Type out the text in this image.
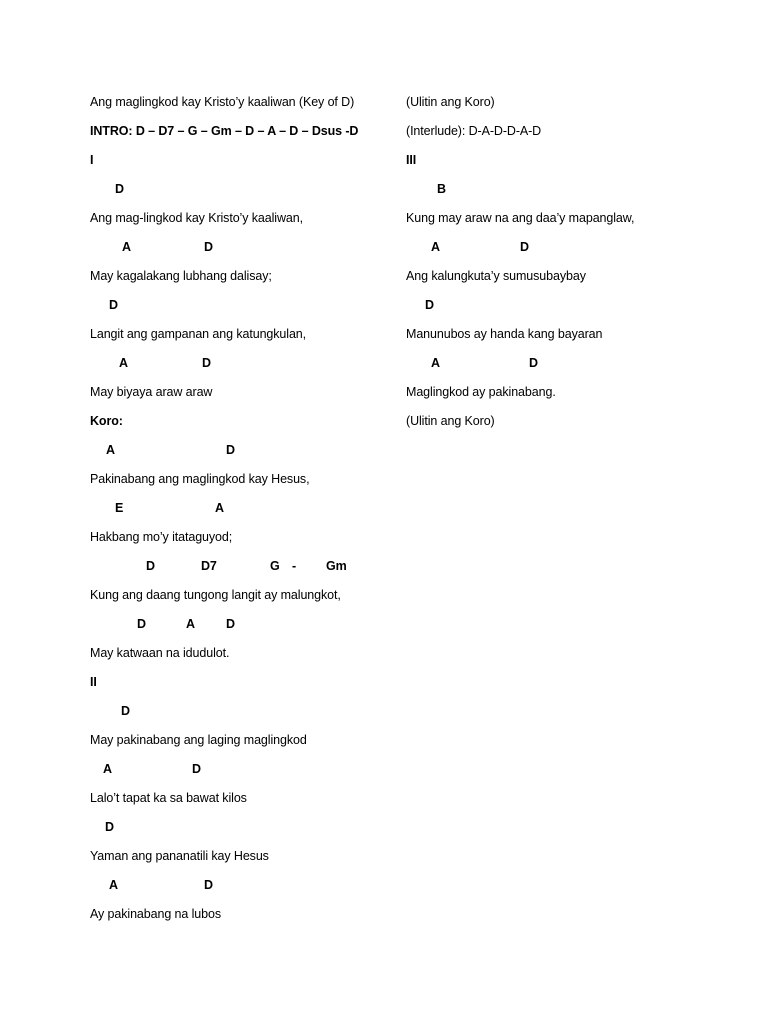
Ang maglingkod kay Kristo’y kaaliwan (Key of D)
INTRO: D – D7 – G – Gm – D – A – D – Dsus -D
I
D
Ang mag-lingkod kay Kristo’y kaaliwan,
A	D
May kagalakang lubhang dalisay;
D
Langit ang gampanan ang katungkulan,
A	D
May biyaya araw araw
Koro:
A	D
Pakinabang ang maglingkod kay Hesus,
E	A
Hakbang mo’y itataguyod;
D	D7	G - Gm
Kung ang daang tungong langit ay malungkot,
D	A D
May katwaan na idudulot.
II
D
May pakinabang ang laging maglingkod
A	D
Lalo’t tapat ka sa bawat kilos
D
Yaman ang pananatili kay Hesus
A	D
Ay pakinabang na lubos
(Ulitin ang Koro)
(Interlude): D-A-D-D-A-D
III
B
Kung may araw na ang daa’y mapanglaw,
A	D
Ang kalungkuta’y sumusubaybay
D
Manunubos ay handa kang bayaran
A	D
Maglingkod ay pakinabang.
(Ulitin ang Koro)
